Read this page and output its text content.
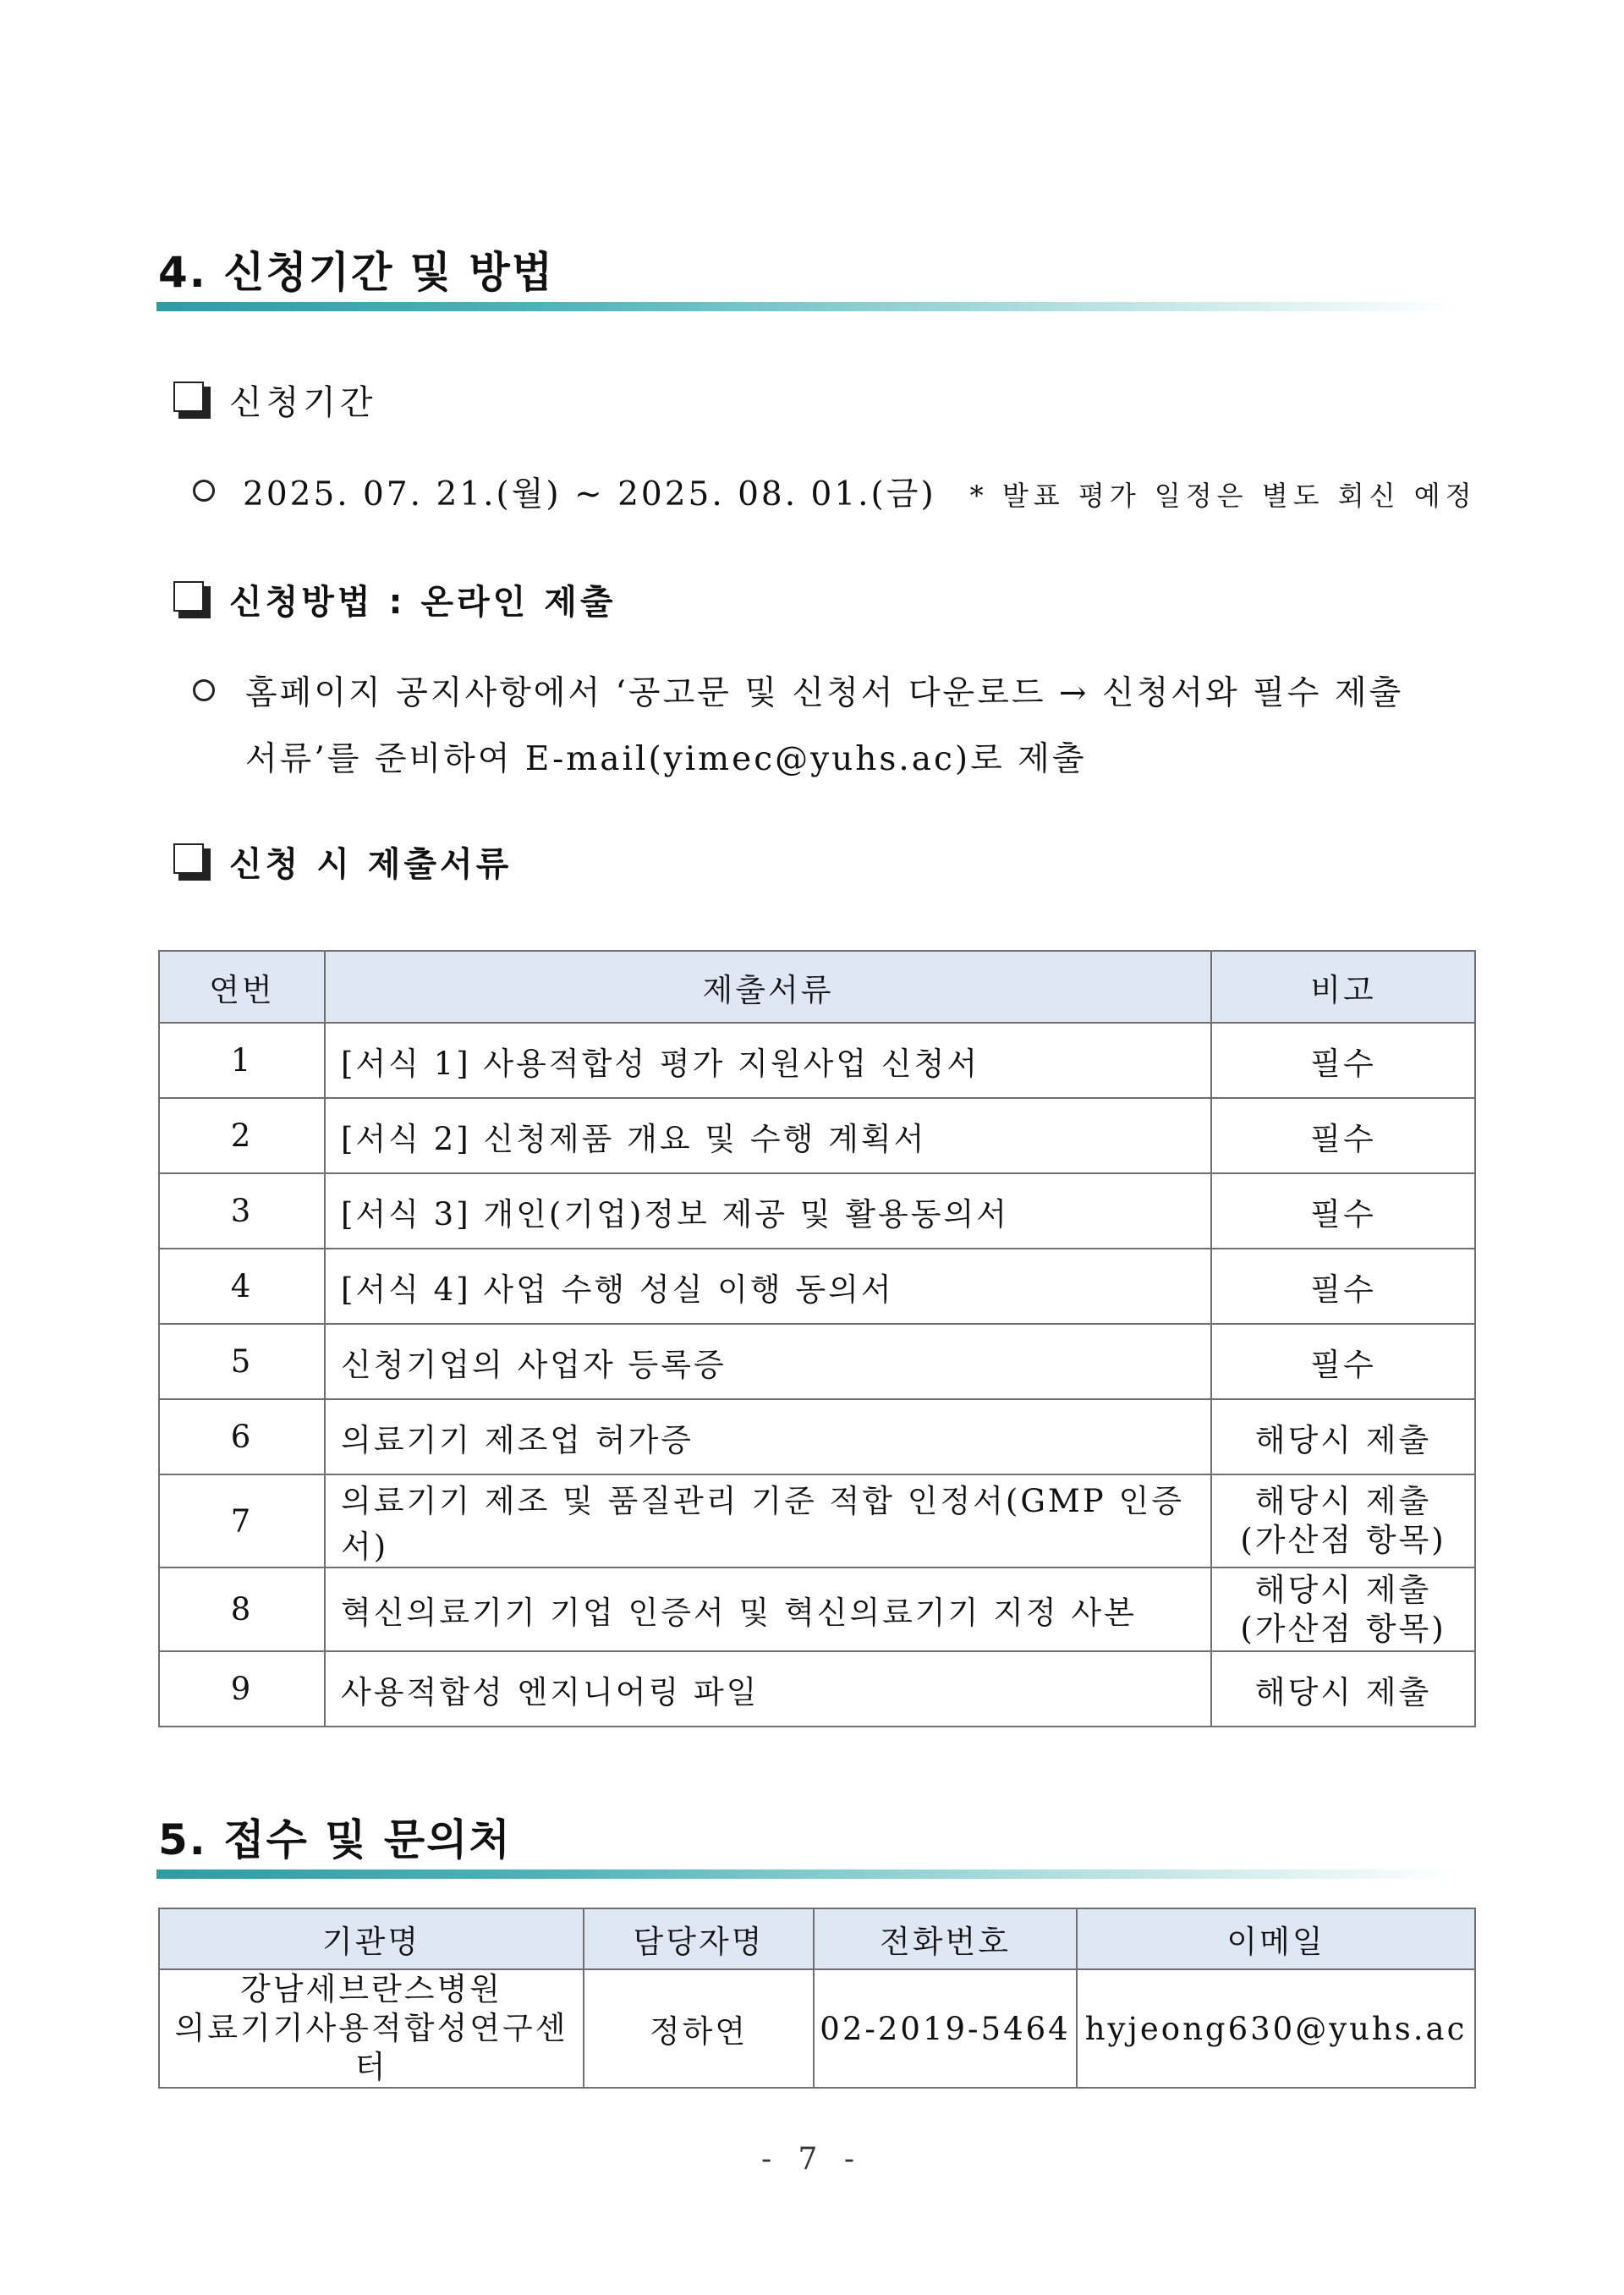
4. 신청기간 및 방법
신청기간
2025. 07. 21.(월) ~ 2025. 08. 01.(금) * 발표 평가 일정은 별도 회신 예정
신청방법 : 온라인 제출
홈페이지 공지사항에서 ‘공고문 및 신청서 다운로드 → 신청서와 필수 제출
서류’를 준비하여 E-mail(yimec@yuhs.ac)로 제출
신청 시 제출서류
연번	제출서류	비고
1	[서식 1] 사용적합성 평가 지원사업 신청서	필수
2	[서식 2] 신청제품 개요 및 수행 계획서	필수
3	[서식 3] 개인(기업)정보 제공 및 활용동의서	필수
4	[서식 4] 사업 수행 성실 이행 동의서	필수
5	신청기업의 사업자 등록증	필수
6	의료기기 제조업 허가증	해당시 제출
7	의료기기 제조 및 품질관리 기준 적합 인정서(GMP 인증서)	해당시 제출
(가산점 항목)

8	혁신의료기기 기업 인증서 및 혁신의료기기 지정 사본	해당시 제출
(가산점 항목)

9	사용적합성 엔지니어링 파일	해당시 제출
5. 접수 및 문의처
기관명	담당자명	전화번호	이메일

강남세브란스병원
의료기기사용적합성연구센터	정하연	02-2019-5464	hyjeong630@yuhs.ac
- 7 -
